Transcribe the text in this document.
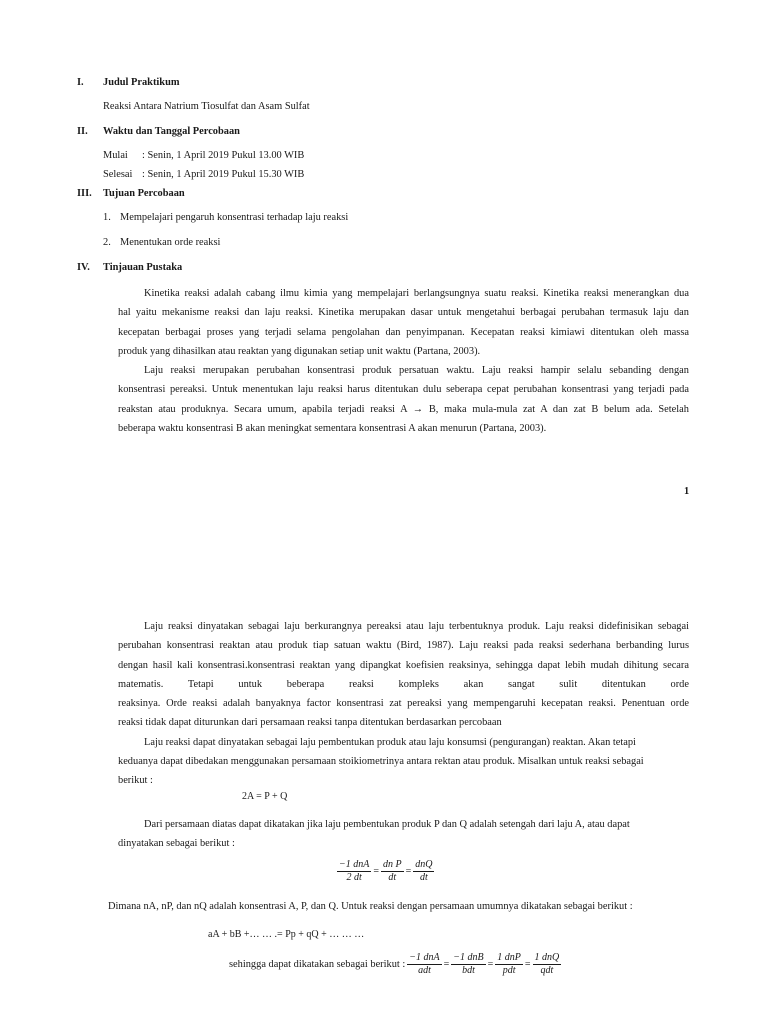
I. Judul Praktikum
Reaksi Antara Natrium Tiosulfat dan Asam Sulfat
II. Waktu dan Tanggal Percobaan
Mulai : Senin, 1 April 2019 Pukul 13.00 WIB
Selesai : Senin, 1 April 2019 Pukul 15.30 WIB
III. Tujuan Percobaan
1. Mempelajari pengaruh konsentrasi terhadap laju reaksi
2. Menentukan orde reaksi
IV. Tinjauan Pustaka
Kinetika reaksi adalah cabang ilmu kimia yang mempelajari berlangsungnya suatu reaksi. Kinetika reaksi menerangkan dua
hal yaitu mekanisme reaksi dan laju reaksi. Kinetika merupakan dasar untuk mengetahui berbagai perubahan termasuk laju dan
kecepatan berbagai proses yang terjadi selama pengolahan dan penyimpanan. Kecepatan reaksi kimiawi ditentukan oleh massa
produk yang dihasilkan atau reaktan yang digunakan setiap unit waktu (Partana, 2003).
Laju reaksi merupakan perubahan konsentrasi produk persatuan waktu. Laju reaksi hampir selalu sebanding dengan
konsentrasi pereaksi. Untuk menentukan laju reaksi harus ditentukan dulu seberapa cepat perubahan konsentrasi yang terjadi pada
reakstan atau produknya. Secara umum, apabila terjadi reaksi A → B, maka mula-mula zat A dan zat B belum ada. Setelah
beberapa waktu konsentrasi B akan meningkat sementara konsentrasi A akan menurun (Partana, 2003).
1
Laju reaksi dinyatakan sebagai laju berkurangnya pereaksi atau laju terbentuknya produk. Laju reaksi didefinisikan sebagai
perubahan konsentrasi reaktan atau produk tiap satuan waktu (Bird, 1987). Laju reaksi pada reaksi sederhana berbanding lurus
dengan hasil kali konsentrasi.konsentrasi reaktan yang dipangkat koefisien reaksinya, sehingga dapat lebih mudah dihitung secara
matematis. Tetapi untuk beberapa reaksi kompleks akan sangat sulit ditentukan orde
reaksinya. Orde reaksi adalah banyaknya factor konsentrasi zat pereaksi yang mempengaruhi kecepatan reaksi. Penentuan orde
reaksi tidak dapat diturunkan dari persamaan reaksi tanpa ditentukan berdasarkan percobaan
Laju reaksi dapat dinyatakan sebagai laju pembentukan produk atau laju konsumsi (pengurangan) reaktan. Akan tetapi
keduanya dapat dibedakan menggunakan persamaan stoikiometrinya antara rektan atau produk. Misalkan untuk reaksi sebagai
berikut :
2A = P + Q
Dari persamaan diatas dapat dikatakan jika laju pembentukan produk P dan Q adalah setengah dari laju A, atau dapat
dinyatakan sebagai berikut :
$\frac{\text{−1 dnA}}{2 dt} = \frac{\text{dn P}}{dt} = \frac{\text{dnQ}}{dt}$
Dimana nA, nP, dan nQ adalah konsentrasi A, P, dan Q. Untuk reaksi dengan persamaan umumnya dikatakan sebagai berikut :
aA + bB +… … .= Pp + qQ + … … …
sehingga dapat dikatakan sebagai berikut : $\frac{\text{−1 dnA}}{\text{adt}} = \frac{\text{−1 dnB}}{\text{bdt}} = \frac{\text{1 dnP}}{\text{pdt}} = \frac{\text{1 dnQ}}{\text{qdt}}$
